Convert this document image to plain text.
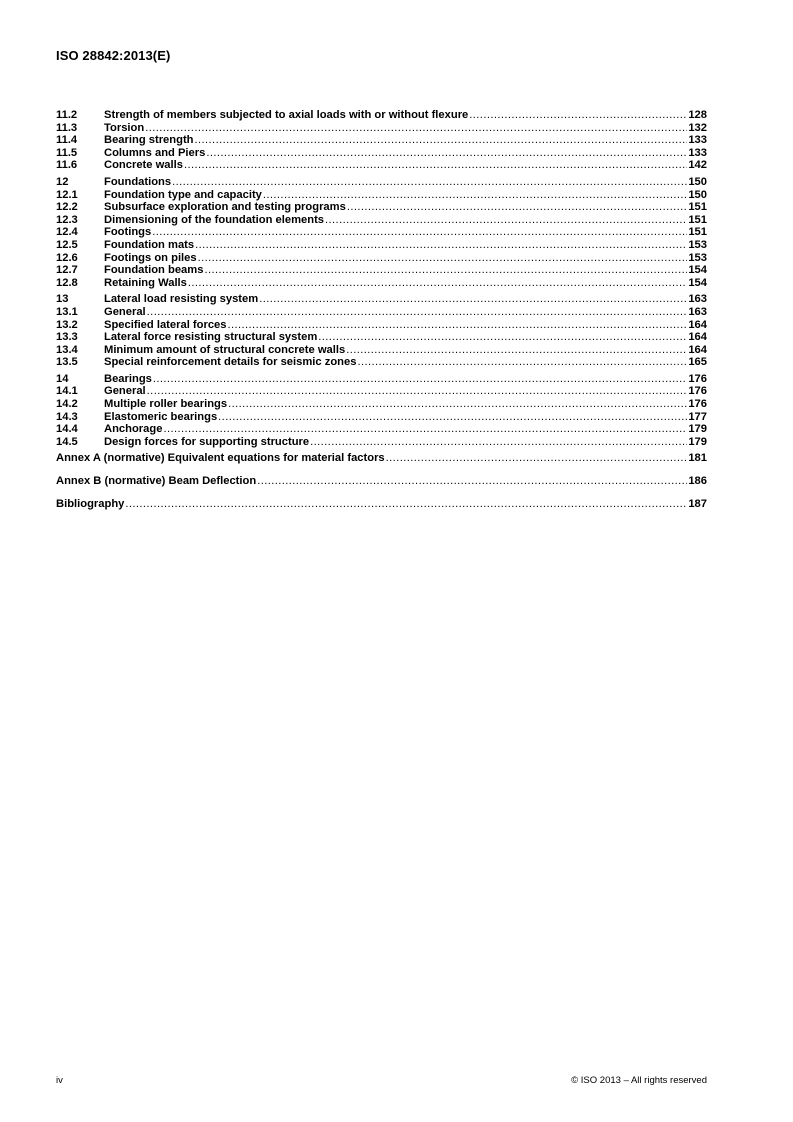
ISO 28842:2013(E)
11.2	Strength of members subjected to axial loads with or without flexure .....	128
11.3	Torsion .....	132
11.4	Bearing strength .....	133
11.5	Columns and Piers .....	133
11.6	Concrete walls .....	142
12	Foundations .....	150
12.1	Foundation type and capacity .....	150
12.2	Subsurface exploration and testing programs .....	151
12.3	Dimensioning of the foundation elements .....	151
12.4	Footings .....	151
12.5	Foundation mats .....	153
12.6	Footings on piles .....	153
12.7	Foundation beams .....	154
12.8	Retaining Walls .....	154
13	Lateral load resisting system .....	163
13.1	General .....	163
13.2	Specified lateral forces .....	164
13.3	Lateral force resisting structural system .....	164
13.4	Minimum amount of structural concrete walls .....	164
13.5	Special reinforcement details for seismic zones .....	165
14	Bearings .....	176
14.1	General .....	176
14.2	Multiple roller bearings .....	176
14.3	Elastomeric bearings .....	177
14.4	Anchorage .....	179
14.5	Design forces for supporting structure .....	179
Annex A (normative) Equivalent equations for material factors .....	181
Annex B (normative) Beam Deflection .....	186
Bibliography .....	187
iv	© ISO 2013 – All rights reserved
